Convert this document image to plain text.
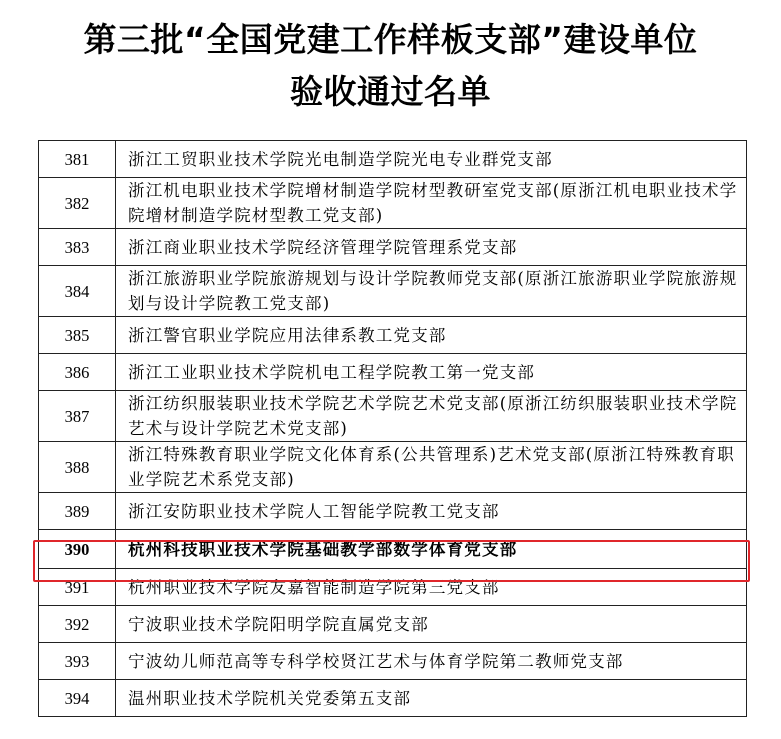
第三批“全国党建工作样板支部”建设单位
验收通过名单
381	浙江工贸职业技术学院光电制造学院光电专业群党支部
382	浙江机电职业技术学院增材制造学院材型教研室党支部(原浙江机电职业技术学院增材制造学院材型教工党支部)
383	浙江商业职业技术学院经济管理学院管理系党支部
384	浙江旅游职业学院旅游规划与设计学院教师党支部(原浙江旅游职业学院旅游规划与设计学院教工党支部)
385	浙江警官职业学院应用法律系教工党支部
386	浙江工业职业技术学院机电工程学院教工第一党支部
387	浙江纺织服装职业技术学院艺术学院艺术党支部(原浙江纺织服装职业技术学院艺术与设计学院艺术党支部)
388	浙江特殊教育职业学院文化体育系(公共管理系)艺术党支部(原浙江特殊教育职业学院艺术系党支部)
389	浙江安防职业技术学院人工智能学院教工党支部
390	杭州科技职业技术学院基础教学部数学体育党支部
391	杭州职业技术学院友嘉智能制造学院第三党支部
392	宁波职业技术学院阳明学院直属党支部
393	宁波幼儿师范高等专科学校贤江艺术与体育学院第二教师党支部
394	温州职业技术学院机关党委第五支部
